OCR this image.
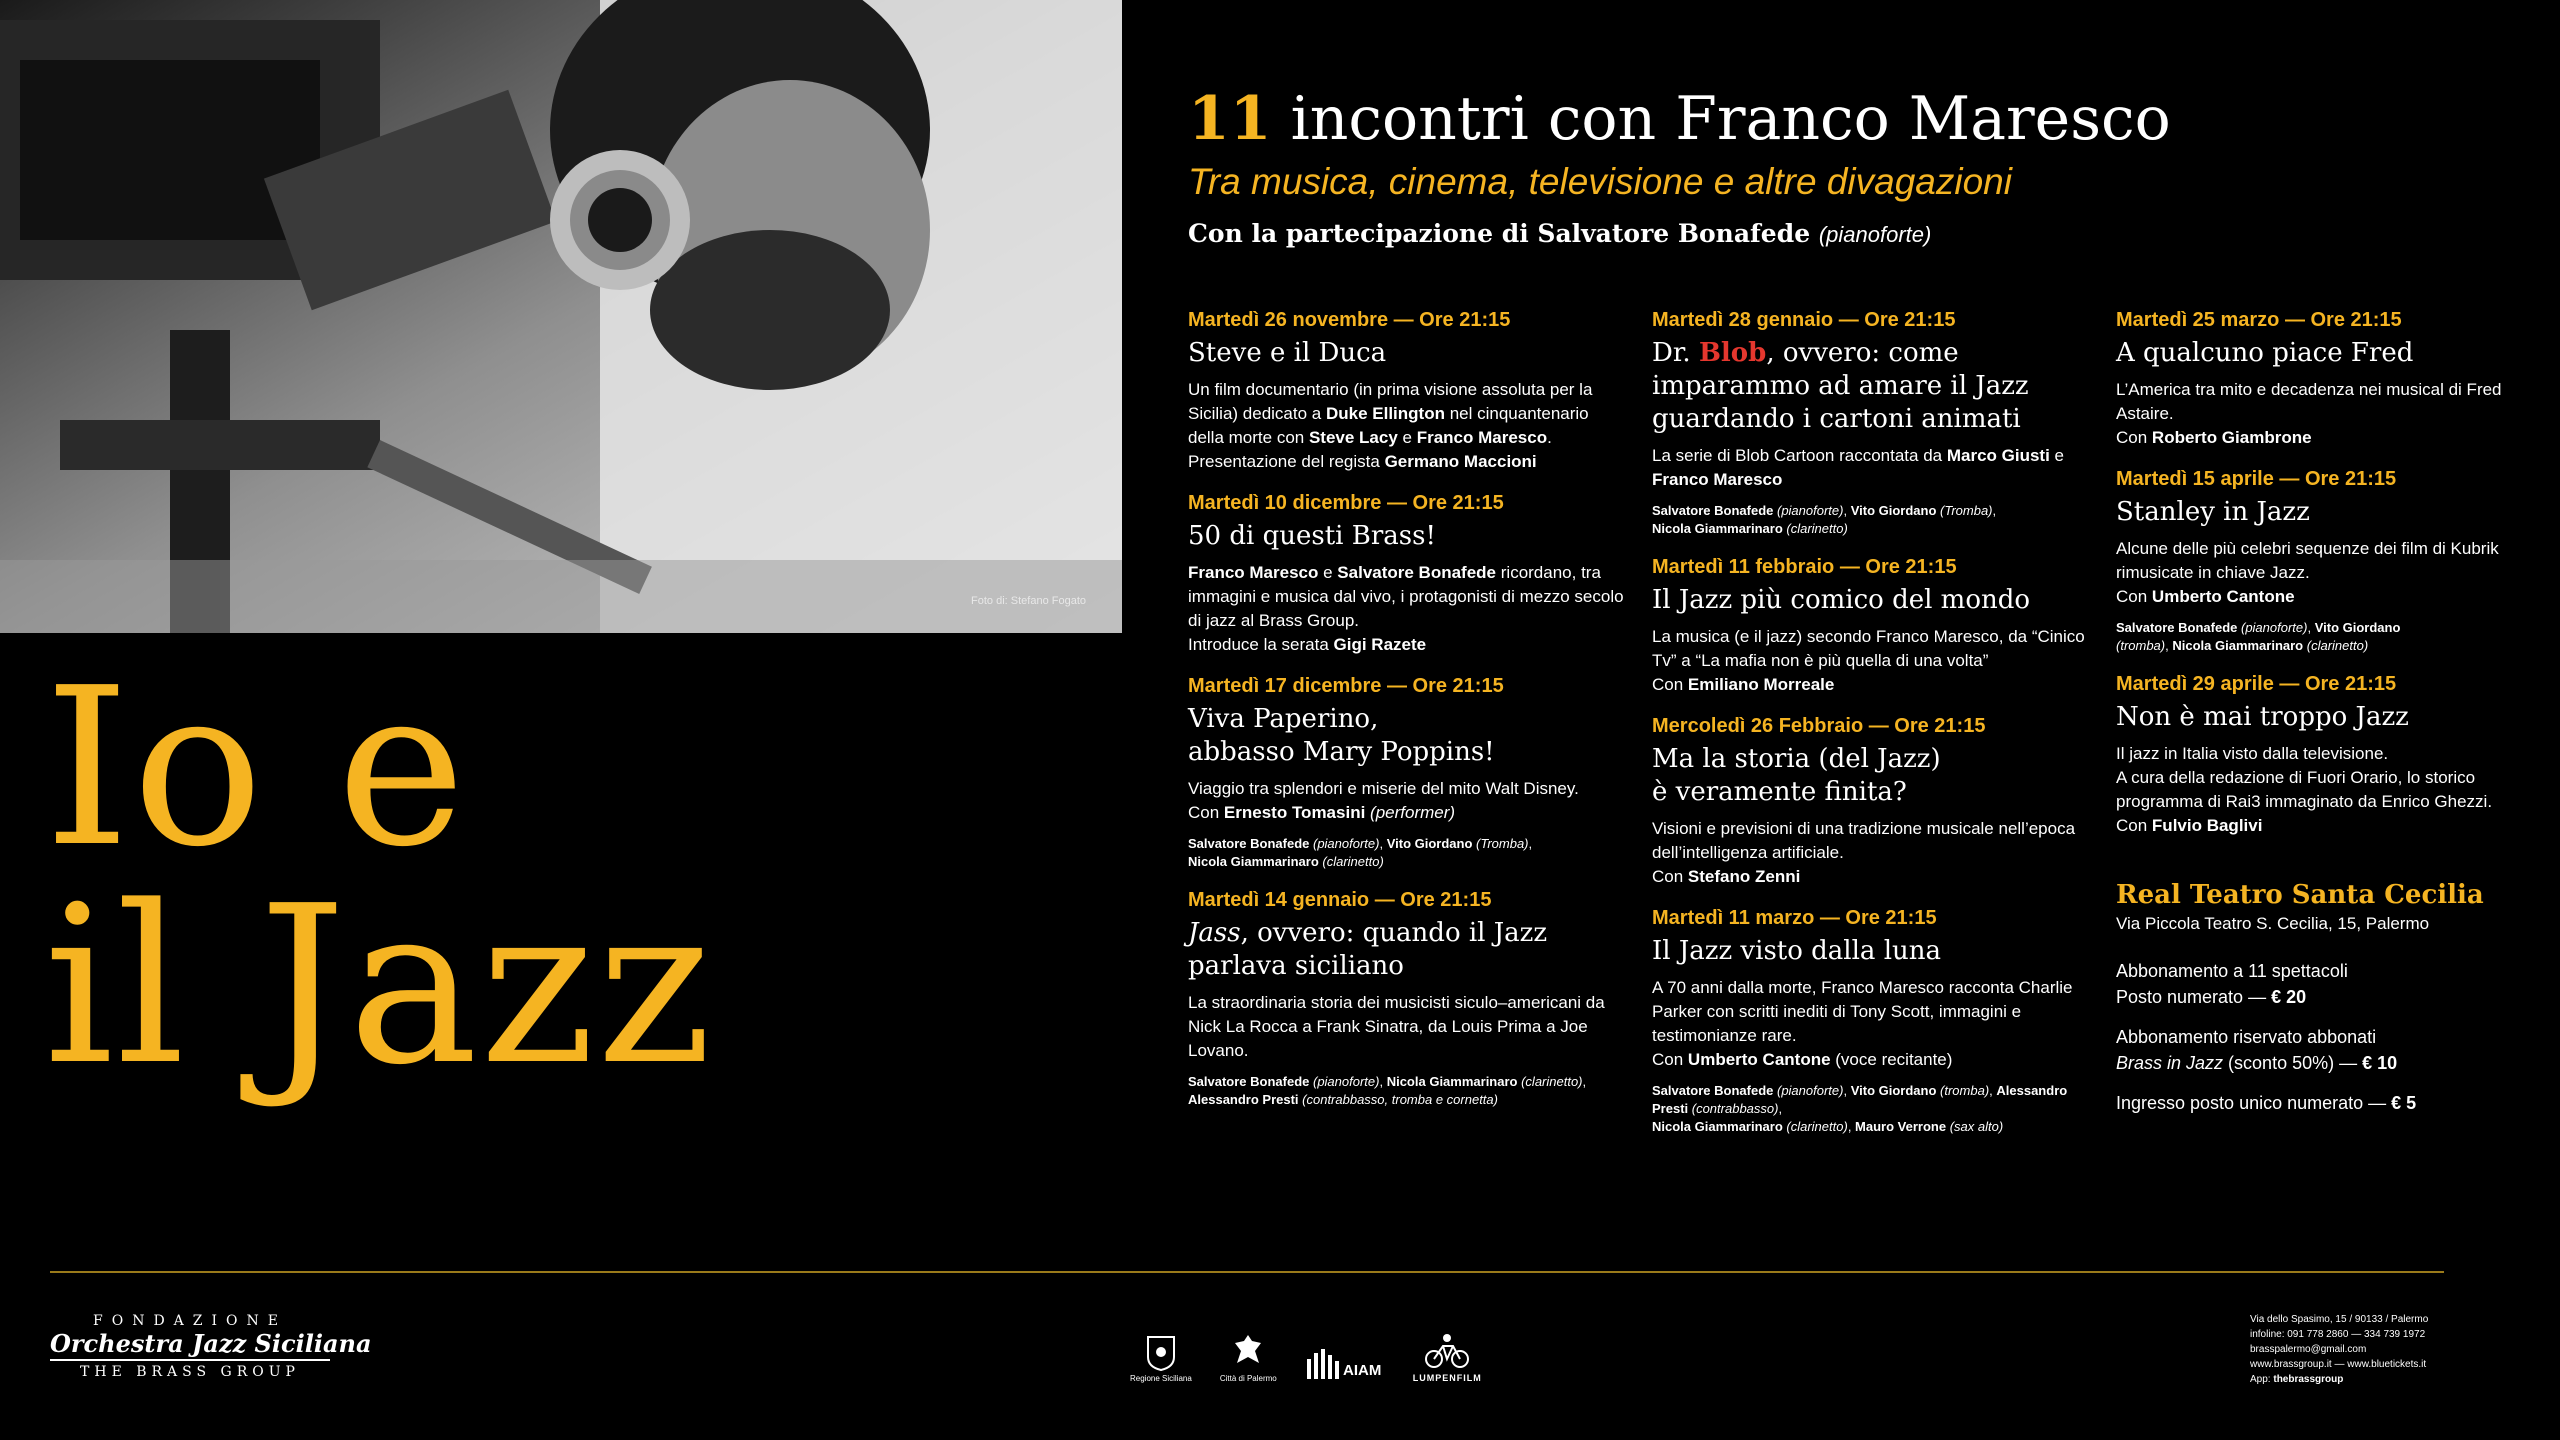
Foto di: Stefano Fogato
Io e
il Jazz
11 incontri con Franco Maresco
Tra musica, cinema, televisione e altre divagazioni
Con la partecipazione di Salvatore Bonafede (pianoforte)
Martedì 26 novembre — Ore 21:15
Steve e il Duca
Un film documentario (in prima visione assoluta per la Sicilia) dedicato a Duke Ellington nel cinquantenario della morte con Steve Lacy e Franco Maresco.
Presentazione del regista Germano Maccioni
Martedì 10 dicembre — Ore 21:15
50 di questi Brass!
Franco Maresco e Salvatore Bonafede ricordano, tra immagini e musica dal vivo, i protagonisti di mezzo secolo di jazz al Brass Group.
Introduce la serata Gigi Razete
Martedì 17 dicembre — Ore 21:15
Viva Paperino,
abbasso Mary Poppins!
Viaggio tra splendori e miserie del mito Walt Disney.
Con Ernesto Tomasini (performer)
Salvatore Bonafede (pianoforte), Vito Giordano (Tromba),
Nicola Giammarinaro (clarinetto)
Martedì 14 gennaio — Ore 21:15
Jass, ovvero: quando il Jazz parlava siciliano
La straordinaria storia dei musicisti siculo–americani da Nick La Rocca a Frank Sinatra, da Louis Prima a Joe Lovano.
Salvatore Bonafede (pianoforte), Nicola Giammarinaro (clarinetto), Alessandro Presti (contrabbasso, tromba e cornetta)
Martedì 28 gennaio — Ore 21:15
Dr. Blob, ovvero: come imparammo ad amare il Jazz guardando i cartoni animati
La serie di Blob Cartoon raccontata da Marco Giusti e Franco Maresco
Salvatore Bonafede (pianoforte), Vito Giordano (Tromba),
Nicola Giammarinaro (clarinetto)
Martedì 11 febbraio — Ore 21:15
Il Jazz più comico del mondo
La musica (e il jazz) secondo Franco Maresco, da “Cinico Tv” a “La mafia non è più quella di una volta”
Con Emiliano Morreale
Mercoledì 26 Febbraio — Ore 21:15
Ma la storia (del Jazz)
è veramente finita?
Visioni e previsioni di una tradizione musicale nell’epoca dell’intelligenza artificiale.
Con Stefano Zenni
Martedì 11 marzo — Ore 21:15
Il Jazz visto dalla luna
A 70 anni dalla morte, Franco Maresco racconta Charlie Parker con scritti inediti di Tony Scott, immagini e testimonianze rare.
Con Umberto Cantone (voce recitante)
Salvatore Bonafede (pianoforte), Vito Giordano (tromba), Alessandro Presti (contrabbasso),
Nicola Giammarinaro (clarinetto), Mauro Verrone (sax alto)
Martedì 25 marzo — Ore 21:15
A qualcuno piace Fred
L’America tra mito e decadenza nei musical di Fred Astaire.
Con Roberto Giambrone
Martedì 15 aprile — Ore 21:15
Stanley in Jazz
Alcune delle più celebri sequenze dei film di Kubrik rimusicate in chiave Jazz.
Con Umberto Cantone
Salvatore Bonafede (pianoforte), Vito Giordano
(tromba), Nicola Giammarinaro (clarinetto)
Martedì 29 aprile — Ore 21:15
Non è mai troppo Jazz
Il jazz in Italia visto dalla televisione.
A cura della redazione di Fuori Orario, lo storico programma di Rai3 immaginato da Enrico Ghezzi.
Con Fulvio Baglivi
Real Teatro Santa Cecilia
Via Piccola Teatro S. Cecilia, 15, Palermo
Abbonamento a 11 spettacoli
Posto numerato — € 20
Abbonamento riservato abbonati
Brass in Jazz (sconto 50%) — € 10
Ingresso posto unico numerato — € 5
FONDAZIONE
Orchestra Jazz Siciliana
THE BRASS GROUP	Regione Siciliana	Città di Palermo	AIAM	LUMPENFILM
Via dello Spasimo, 15 / 90133 / Palermo
infoline: 091 778 2860 — 334 739 1972
brasspalermo@gmail.com
www.brassgroup.it — www.bluetickets.it
App: thebrassgroup
